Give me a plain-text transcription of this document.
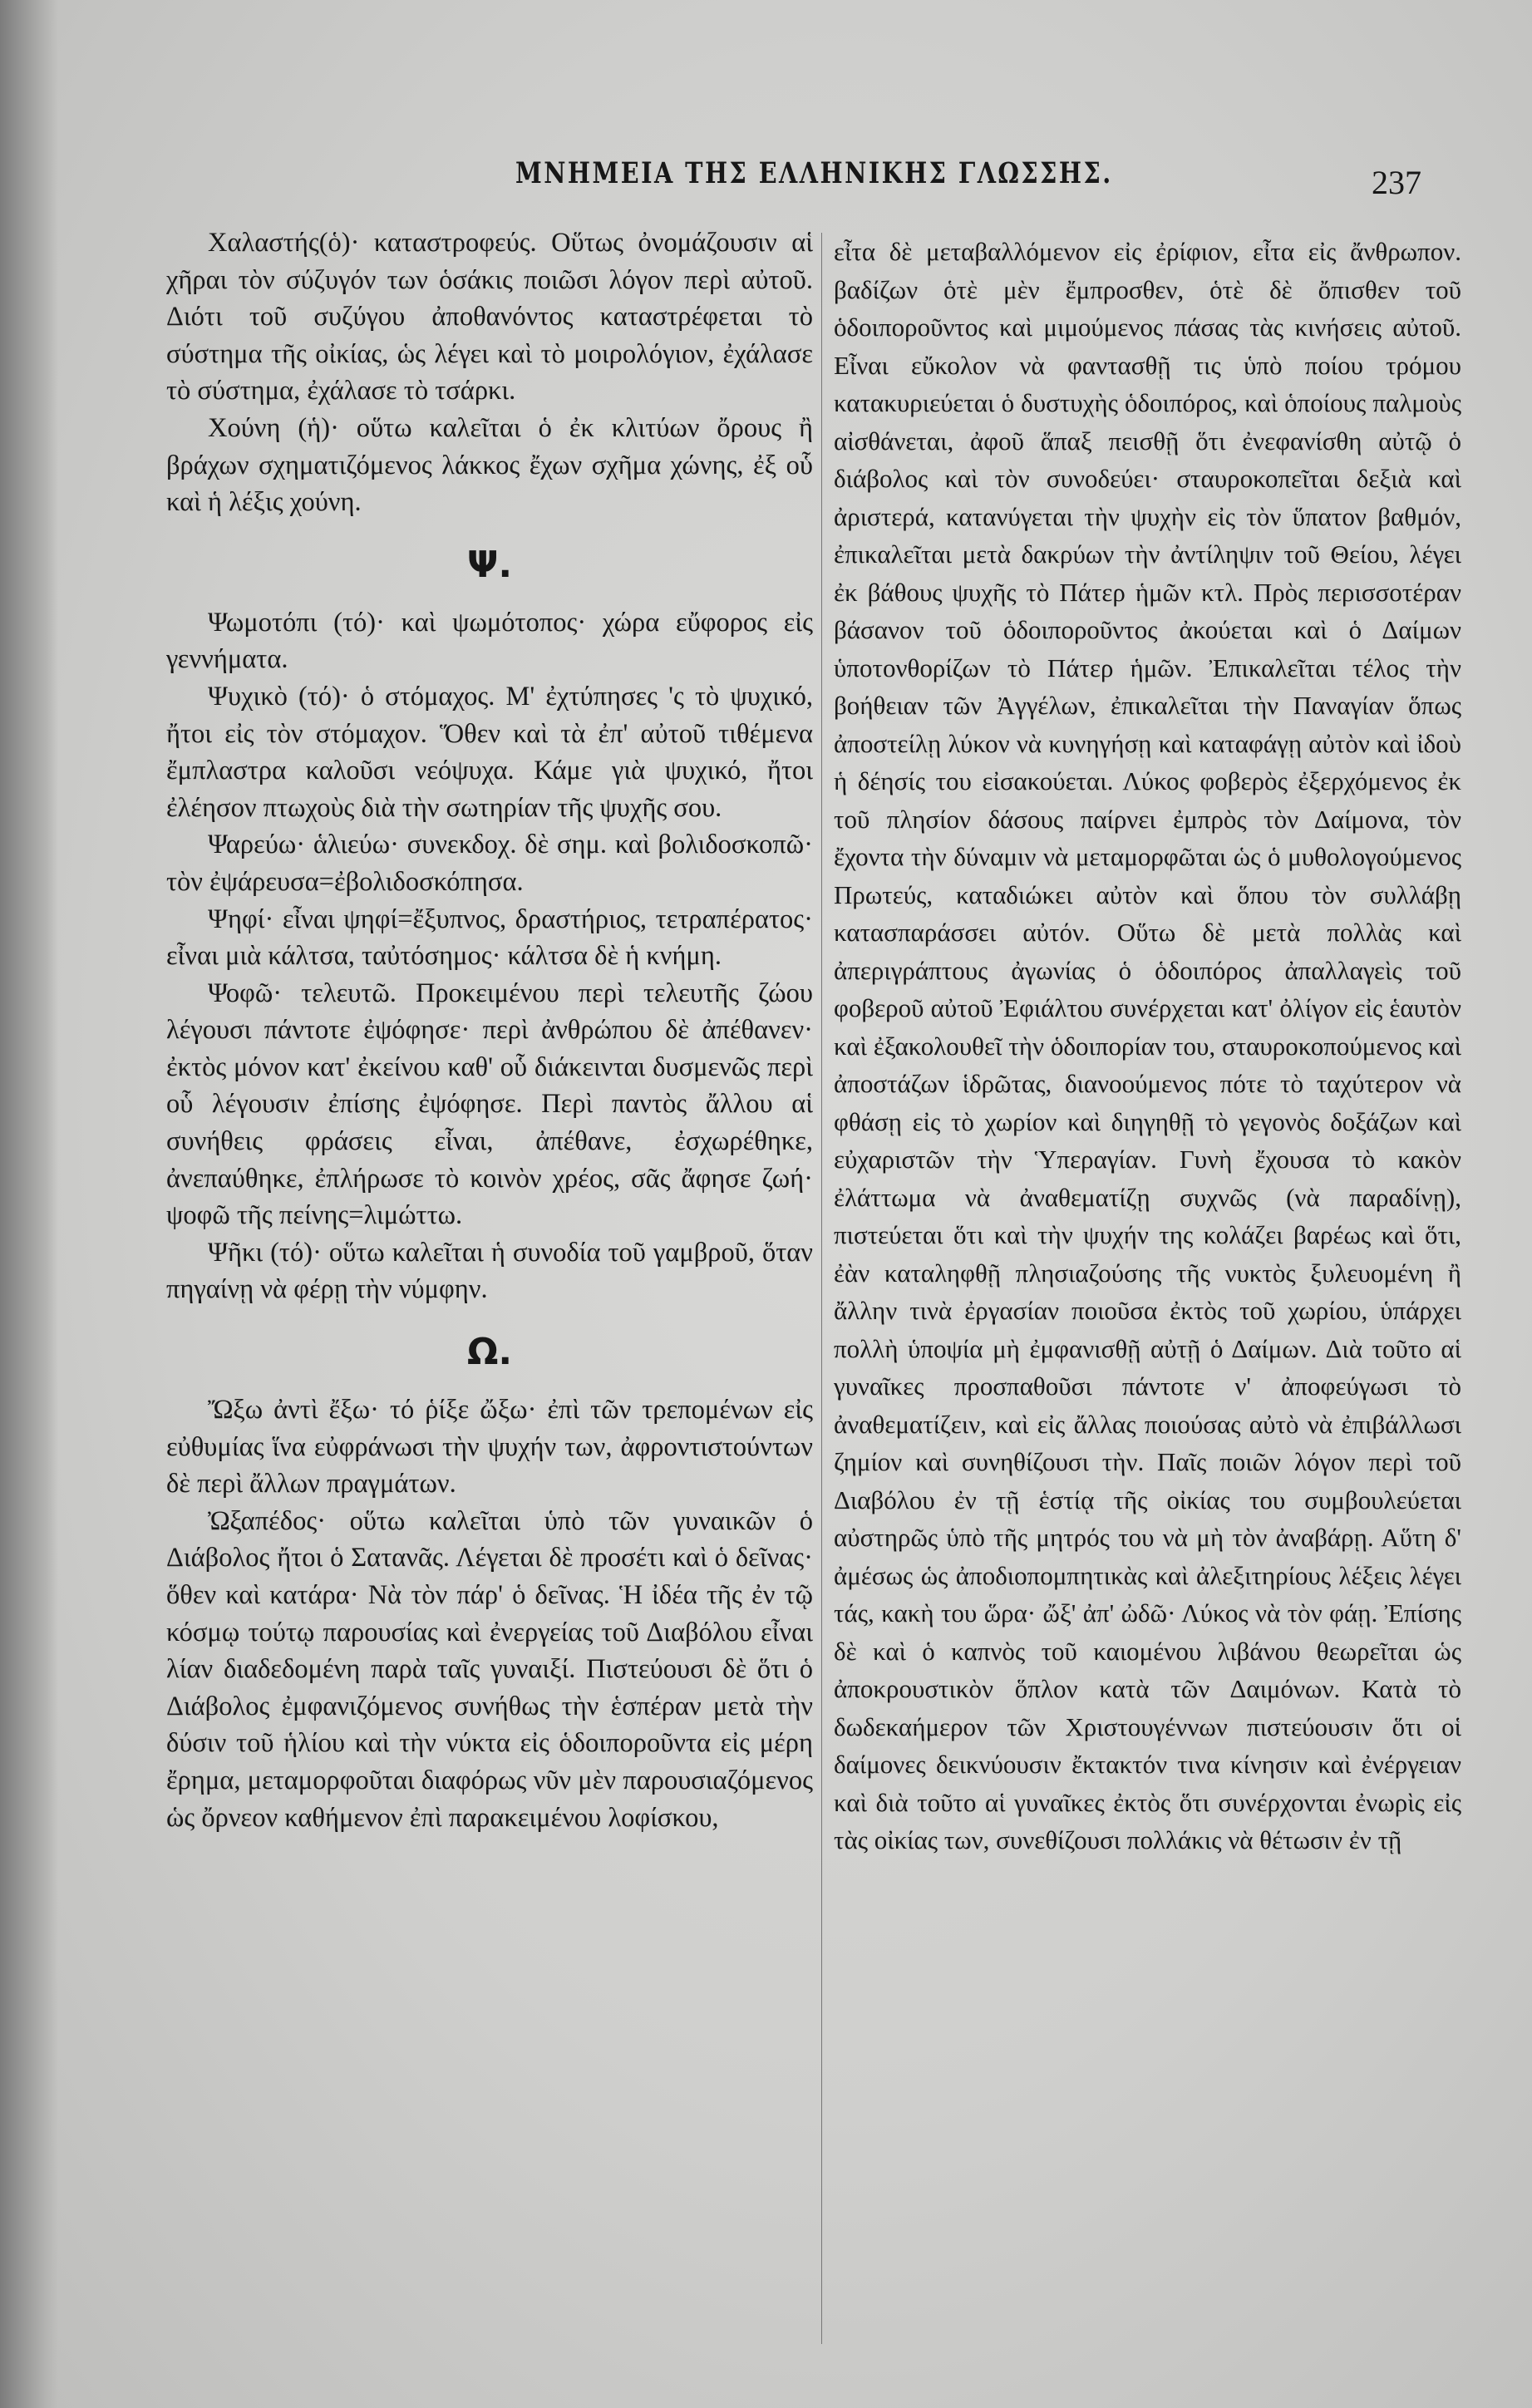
ΜΝΗΜΕΙΑ ΤΗΣ ΕΛΛΗΝΙΚΗΣ ΓΛΩΣΣΗΣ.	237

Χαλαστής(ὁ)· καταστροφεύς. Οὕτως ὀνομάζουσιν αἱ χῆραι τὸν σύζυγόν των ὁσάκις ποιῶσι λόγον περὶ αὐτοῦ. Διότι τοῦ συζύγου ἀποθανόντος καταστρέφεται τὸ σύστημα τῆς οἰκίας, ὡς λέγει καὶ τὸ μοιρολόγιον, ἐχάλασε τὸ σύστημα, ἐχάλασε τὸ τσάρκι.

Χούνη (ἡ)· οὕτω καλεῖται ὁ ἐκ κλιτύων ὄρους ἢ βράχων σχηματιζόμενος λάκκος ἔχων σχῆμα χώνης, ἐξ οὗ καὶ ἡ λέξις χούνη.

Ψ.

Ψωμοτόπι (τό)· καὶ ψωμότοπος· χώρα εὔφορος εἰς γεννήματα.

Ψυχικὸ (τό)· ὁ στόμαχος. Μ' ἐχτύπησες 'ς τὸ ψυχικό, ἤτοι εἰς τὸν στόμαχον. Ὅθεν καὶ τὰ ἐπ' αὐτοῦ τιθέμενα ἔμπλαστρα καλοῦσι νεόψυχα. Κάμε γιὰ ψυχικό, ἤτοι ἐλέησον πτωχοὺς διὰ τὴν σωτηρίαν τῆς ψυχῆς σου.

Ψαρεύω· ἁλιεύω· συνεκδοχ. δὲ σημ. καὶ βολιδοσκοπῶ· τὸν ἐψάρευσα=ἐβολιδοσκόπησα.

Ψηφί· εἶναι ψηφί=ἔξυπνος, δραστήριος, τετραπέρατος· εἶναι μιὰ κάλτσα, ταὐτόσημος· κάλτσα δὲ ἡ κνήμη.

Ψοφῶ· τελευτῶ. Προκειμένου περὶ τελευτῆς ζώου λέγουσι πάντοτε ἐψόφησε· περὶ ἀνθρώπου δὲ ἀπέθανεν· ἐκτὸς μόνον κατ' ἐκείνου καθ' οὗ διάκεινται δυσμενῶς περὶ οὗ λέγουσιν ἐπίσης ἐψόφησε. Περὶ παντὸς ἄλλου αἱ συνήθεις φράσεις εἶναι, ἀπέθανε, ἐσχωρέθηκε, ἀνεπαύθηκε, ἐπλήρωσε τὸ κοινὸν χρέος, σᾶς ἄφησε ζωή· ψοφῶ τῆς πείνης=λιμώττω.

Ψῆκι (τό)· οὕτω καλεῖται ἡ συνοδία τοῦ γαμβροῦ, ὅταν πηγαίνῃ νὰ φέρῃ τὴν νύμφην.

Ω.

Ὤξω ἀντὶ ἔξω· τό ῥίξε ὤξω· ἐπὶ τῶν τρεπομένων εἰς εὐθυμίας ἵνα εὐφράνωσι τὴν ψυχήν των, ἀφροντιστούντων δὲ περὶ ἄλλων πραγμάτων.

Ὠξαπέδος· οὕτω καλεῖται ὑπὸ τῶν γυναικῶν ὁ Διάβολος ἤτοι ὁ Σατανᾶς. Λέγεται δὲ προσέτι καὶ ὁ δεῖνας· ὅθεν καὶ κατάρα· Νὰ τὸν πάρ' ὁ δεῖνας. Ἡ ἰδέα τῆς ἐν τῷ κόσμῳ τούτῳ παρουσίας καὶ ἐνεργείας τοῦ Διαβόλου εἶναι λίαν διαδεδομένη παρὰ ταῖς γυναιξί. Πιστεύουσι δὲ ὅτι ὁ Διάβολος ἐμφανιζόμενος συνήθως τὴν ἑσπέραν μετὰ τὴν δύσιν τοῦ ἡλίου καὶ τὴν νύκτα εἰς ὁδοιποροῦντα εἰς μέρη ἔρημα, μεταμορφοῦται διαφόρως νῦν μὲν παρουσιαζόμενος ὡς ὄρνεον καθήμενον ἐπὶ παρακειμένου λοφίσκου,

εἶτα δὲ μεταβαλλόμενον εἰς ἐρίφιον, εἶτα εἰς ἄνθρωπον. βαδίζων ὁτὲ μὲν ἔμπροσθεν, ὁτὲ δὲ ὄπισθεν τοῦ ὁδοιποροῦντος καὶ μιμούμενος πάσας τὰς κινήσεις αὐτοῦ. Εἶναι εὔκολον νὰ φαντασθῇ τις ὑπὸ ποίου τρόμου κατακυριεύεται ὁ δυστυχὴς ὁδοιπόρος, καὶ ὁποίους παλμοὺς αἰσθάνεται, ἀφοῦ ἅπαξ πεισθῇ ὅτι ἐνεφανίσθη αὐτῷ ὁ διάβολος καὶ τὸν συνοδεύει· σταυροκοπεῖται δεξιὰ καὶ ἀριστερά, κατανύγεται τὴν ψυχὴν εἰς τὸν ὕπατον βαθμόν, ἐπικαλεῖται μετὰ δακρύων τὴν ἀντίληψιν τοῦ Θείου, λέγει ἐκ βάθους ψυχῆς τὸ Πάτερ ἡμῶν κτλ. Πρὸς περισσοτέραν βάσανον τοῦ ὁδοιποροῦντος ἀκούεται καὶ ὁ Δαίμων ὑποτονθορίζων τὸ Πάτερ ἡμῶν. Ἐπικαλεῖται τέλος τὴν βοήθειαν τῶν Ἀγγέλων, ἐπικαλεῖται τὴν Παναγίαν ὅπως ἀποστείλῃ λύκον νὰ κυνηγήσῃ καὶ καταφάγῃ αὐτὸν καὶ ἰδοὺ ἡ δέησίς του εἰσακούεται. Λύκος φοβερὸς ἐξερχόμενος ἐκ τοῦ πλησίον δάσους παίρνει ἐμπρὸς τὸν Δαίμονα, τὸν ἔχοντα τὴν δύναμιν νὰ μεταμορφῶται ὡς ὁ μυθολογούμενος Πρωτεύς, καταδιώκει αὐτὸν καὶ ὅπου τὸν συλλάβῃ κατασπαράσσει αὐτόν. Οὕτω δὲ μετὰ πολλὰς καὶ ἀπεριγράπτους ἀγωνίας ὁ ὁδοιπόρος ἀπαλλαγεὶς τοῦ φοβεροῦ αὐτοῦ Ἐφιάλτου συνέρχεται κατ' ὀλίγον εἰς ἑαυτὸν καὶ ἐξακολουθεῖ τὴν ὁδοιπορίαν του, σταυροκοπούμενος καὶ ἀποστάζων ἱδρῶτας, διανοούμενος πότε τὸ ταχύτερον νὰ φθάσῃ εἰς τὸ χωρίον καὶ διηγηθῇ τὸ γεγονὸς δοξάζων καὶ εὐχαριστῶν τὴν Ὑπεραγίαν. Γυνὴ ἔχουσα τὸ κακὸν ἐλάττωμα νὰ ἀναθεματίζῃ συχνῶς (νὰ παραδίνῃ), πιστεύεται ὅτι καὶ τὴν ψυχήν της κολάζει βαρέως καὶ ὅτι, ἐὰν καταληφθῇ πλησιαζούσης τῆς νυκτὸς ξυλευομένη ἢ ἄλλην τινὰ ἐργασίαν ποιοῦσα ἐκτὸς τοῦ χωρίου, ὑπάρχει πολλὴ ὑποψία μὴ ἐμφανισθῇ αὐτῇ ὁ Δαίμων. Διὰ τοῦτο αἱ γυναῖκες προσπαθοῦσι πάντοτε ν' ἀποφεύγωσι τὸ ἀναθεματίζειν, καὶ εἰς ἄλλας ποιούσας αὐτὸ νὰ ἐπιβάλλωσι ζημίον καὶ συνηθίζουσι τὴν. Παῖς ποιῶν λόγον περὶ τοῦ Διαβόλου ἐν τῇ ἑστίᾳ τῆς οἰκίας του συμβουλεύεται αὐστηρῶς ὑπὸ τῆς μητρός του νὰ μὴ τὸν ἀναβάρῃ. Αὕτη δ' ἀμέσως ὡς ἀποδιοπομπητικὰς καὶ ἀλεξιτηρίους λέξεις λέγει τάς, κακὴ του ὥρα· ὤξ' ἀπ' ὠδῶ· Λύκος νὰ τὸν φάῃ. Ἐπίσης δὲ καὶ ὁ καπνὸς τοῦ καιομένου λιβάνου θεωρεῖται ὡς ἀποκρουστικὸν ὅπλον κατὰ τῶν Δαιμόνων. Κατὰ τὸ δωδεκαήμερον τῶν Χριστουγέννων πιστεύουσιν ὅτι οἱ δαίμονες δεικνύουσιν ἔκτακτόν τινα κίνησιν καὶ ἐνέργειαν καὶ διὰ τοῦτο αἱ γυναῖκες ἐκτὸς ὅτι συνέρχονται ἐνωρὶς εἰς τὰς οἰκίας των, συνεθίζουσι πολλάκις νὰ θέτωσιν ἐν τῇ
